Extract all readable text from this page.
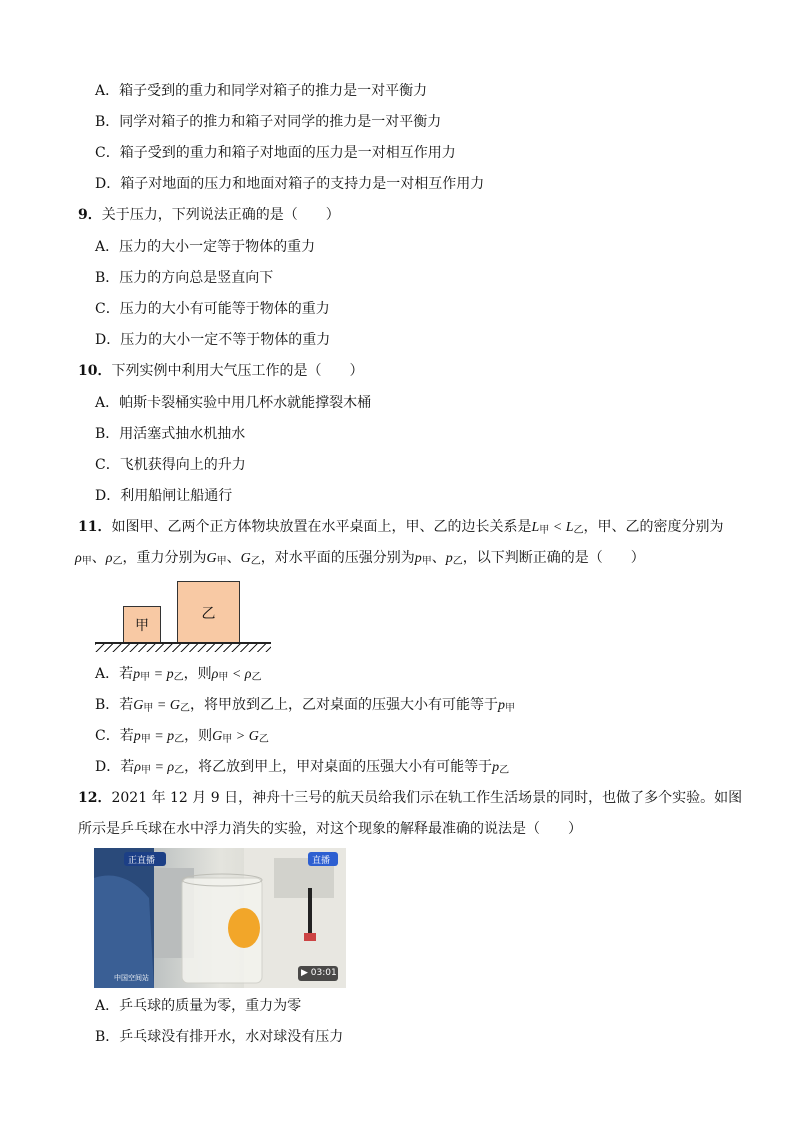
A．箱子受到的重力和同学对箱子的推力是一对平衡力
B．同学对箱子的推力和箱子对同学的推力是一对平衡力
C．箱子受到的重力和箱子对地面的压力是一对相互作用力
D．箱子对地面的压力和地面对箱子的支持力是一对相互作用力
9．关于压力，下列说法正确的是（　　）
A．压力的大小一定等于物体的重力
B．压力的方向总是竖直向下
C．压力的大小有可能等于物体的重力
D．压力的大小一定不等于物体的重力
10．下列实例中利用大气压工作的是（　　）
A．帕斯卡裂桶实验中用几杯水就能撑裂木桶
B．用活塞式抽水机抽水
C．飞机获得向上的升力
D．利用船闸让船通行
11．如图甲、乙两个正方体物块放置在水平桌面上，甲、乙的边长关系是$L_甲 < L_乙$，甲、乙的密度分别为
$\rho_甲$、$\rho_乙$，重力分别为$G_甲$、$G_乙$，对水平面的压强分别为$p_甲$、$p_乙$，以下判断正确的是（　　）
甲
乙
A．若$p_甲 = p_乙$，则$\rho_甲 < \rho_乙$
B．若$G_甲 = G_乙$，将甲放到乙上，乙对桌面的压强大小有可能等于$p_甲$
C．若$p_甲 = p_乙$，则$G_甲 > G_乙$
D．若$\rho_甲 = \rho_乙$，将乙放到甲上，甲对桌面的压强大小有可能等于$p_乙$
12．2021 年 12 月 9 日，神舟十三号的航天员给我们示在轨工作生活场景的同时，也做了多个实验。如图
所示是乒乓球在水中浮力消失的实验，对这个现象的解释最准确的说法是（　　）
正直播	直播
▶ 03:01
中国空间站
A．乒乓球的质量为零，重力为零
B．乒乓球没有排开水，水对球没有压力
